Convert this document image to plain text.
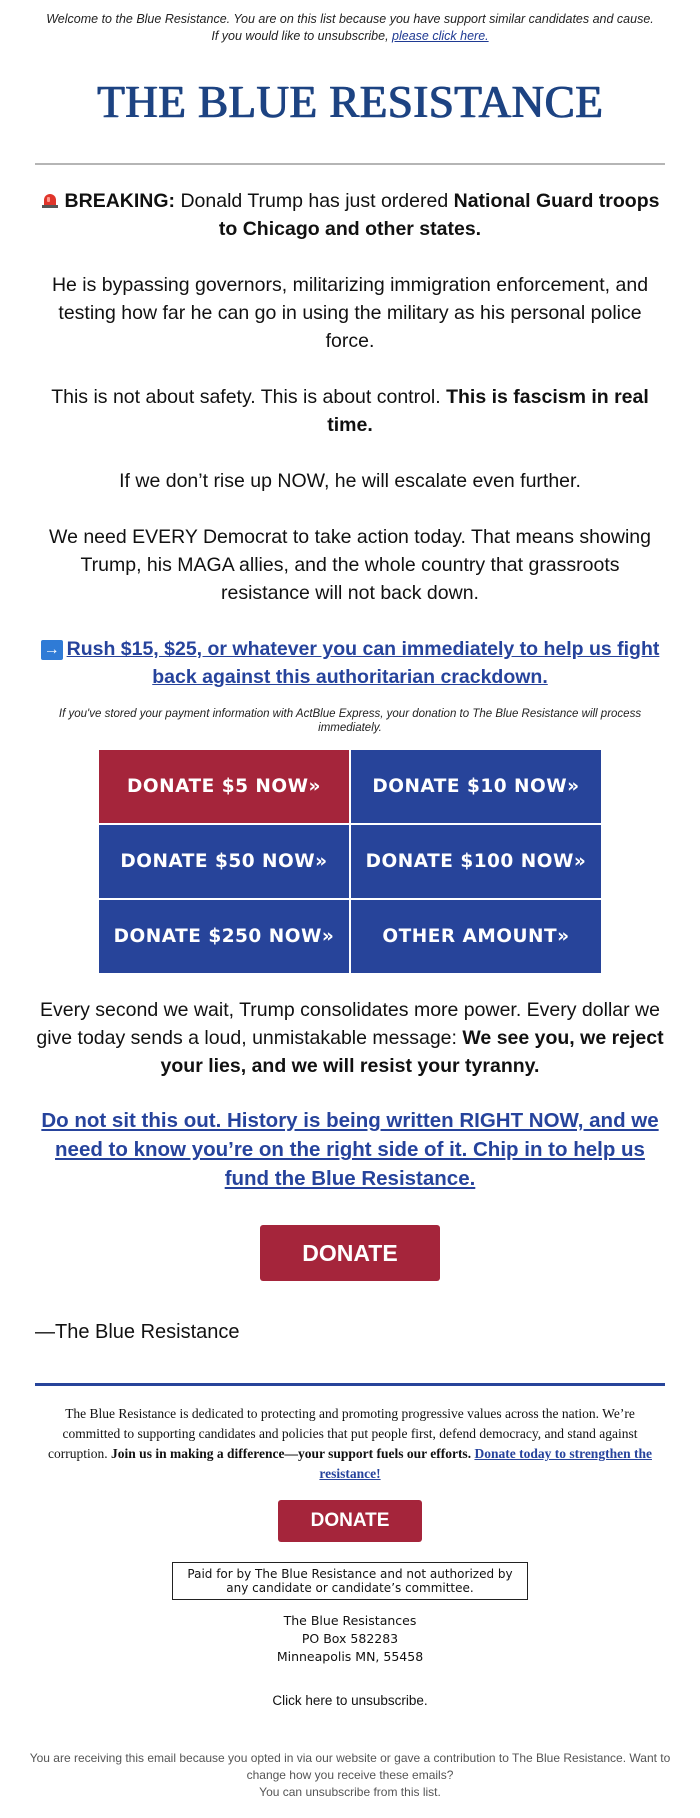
Welcome to the Blue Resistance. You are on this list because you have support similar candidates and cause. If you would like to unsubscribe, please click here.
THE BLUE RESISTANCE

BREAKING: Donald Trump has just ordered National Guard troops to Chicago and other states.

He is bypassing governors, militarizing immigration enforcement, and testing how far he can go in using the military as his personal police force.

This is not about safety. This is about control. This is fascism in real time.

If we don’t rise up NOW, he will escalate even further.

We need EVERY Democrat to take action today. That means showing Trump, his MAGA allies, and the whole country that grassroots resistance will not back down.

→ Rush $15, $25, or whatever you can immediately to help us fight back against this authoritarian crackdown.

If you've stored your payment information with ActBlue Express, your donation to The Blue Resistance will process immediately.
DONATE $5 NOW»	DONATE $10 NOW»
DONATE $50 NOW»	DONATE $100 NOW»
DONATE $250 NOW»	OTHER AMOUNT»

Every second we wait, Trump consolidates more power. Every dollar we give today sends a loud, unmistakable message: We see you, we reject your lies, and we will resist your tyranny.

Do not sit this out. History is being written RIGHT NOW, and we need to know you’re on the right side of it. Chip in to help us fund the Blue Resistance.

DONATE
—The Blue Resistance
The Blue Resistance is dedicated to protecting and promoting progressive values across the nation. We’re committed to supporting candidates and policies that put people first, defend democracy, and stand against corruption. Join us in making a difference—your support fuels our efforts. Donate today to strengthen the resistance!
DONATE
Paid for by The Blue Resistance and not authorized by any candidate or candidate’s committee.
The Blue Resistances
PO Box 582283
Minneapolis MN, 55458
Click here to unsubscribe.
You are receiving this email because you opted in via our website or gave a contribution to The Blue Resistance. Want to change how you receive these emails?
You can unsubscribe from this list.
